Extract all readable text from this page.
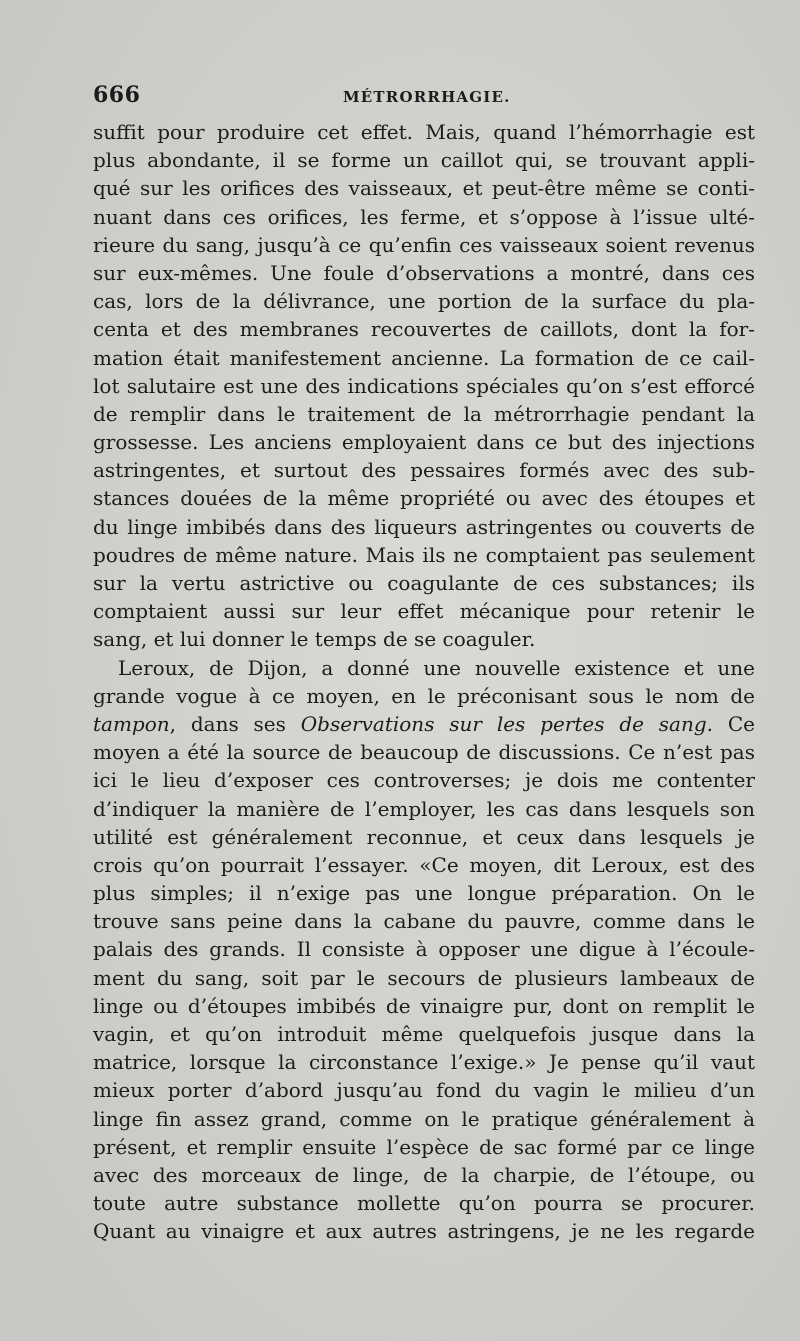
666	MÉTRORRHAGIE.
suffit pour produire cet effet. Mais, quand l’hémorrhagie est
plus abondante, il se forme un caillot qui, se trouvant appli-
qué sur les orifices des vaisseaux, et peut-être même se conti-
nuant dans ces orifices, les ferme, et s’oppose à l’issue ulté-
rieure du sang, jusqu’à ce qu’enfin ces vaisseaux soient revenus
sur eux-mêmes. Une foule d’observations a montré, dans ces
cas, lors de la délivrance, une portion de la surface du pla-
centa et des membranes recouvertes de caillots, dont la for-
mation était manifestement ancienne. La formation de ce cail-
lot salutaire est une des indications spéciales qu’on s’est efforcé
de remplir dans le traitement de la métrorrhagie pendant la
grossesse. Les anciens employaient dans ce but des injections
astringentes, et surtout des pessaires formés avec des sub-
stances douées de la même propriété ou avec des étoupes et
du linge imbibés dans des liqueurs astringentes ou couverts de
poudres de même nature. Mais ils ne comptaient pas seulement
sur la vertu astrictive ou coagulante de ces substances; ils
comptaient aussi sur leur effet mécanique pour retenir le
sang, et lui donner le temps de se coaguler.
Leroux, de Dijon, a donné une nouvelle existence et une
grande vogue à ce moyen, en le préconisant sous le nom de
tampon, dans ses Observations sur les pertes de sang. Ce
moyen a été la source de beaucoup de discussions. Ce n’est pas
ici le lieu d’exposer ces controverses; je dois me contenter
d’indiquer la manière de l’employer, les cas dans lesquels son
utilité est généralement reconnue, et ceux dans lesquels je
crois qu’on pourrait l’essayer. «Ce moyen, dit Leroux, est des
plus simples; il n’exige pas une longue préparation. On le
trouve sans peine dans la cabane du pauvre, comme dans le
palais des grands. Il consiste à opposer une digue à l’écoule-
ment du sang, soit par le secours de plusieurs lambeaux de
linge ou d’étoupes imbibés de vinaigre pur, dont on remplit le
vagin, et qu’on introduit même quelquefois jusque dans la
matrice, lorsque la circonstance l’exige.» Je pense qu’il vaut
mieux porter d’abord jusqu’au fond du vagin le milieu d’un
linge fin assez grand, comme on le pratique généralement à
présent, et remplir ensuite l’espèce de sac formé par ce linge
avec des morceaux de linge, de la charpie, de l’étoupe, ou
toute autre substance mollette qu’on pourra se procurer.
Quant au vinaigre et aux autres astringens, je ne les regarde
